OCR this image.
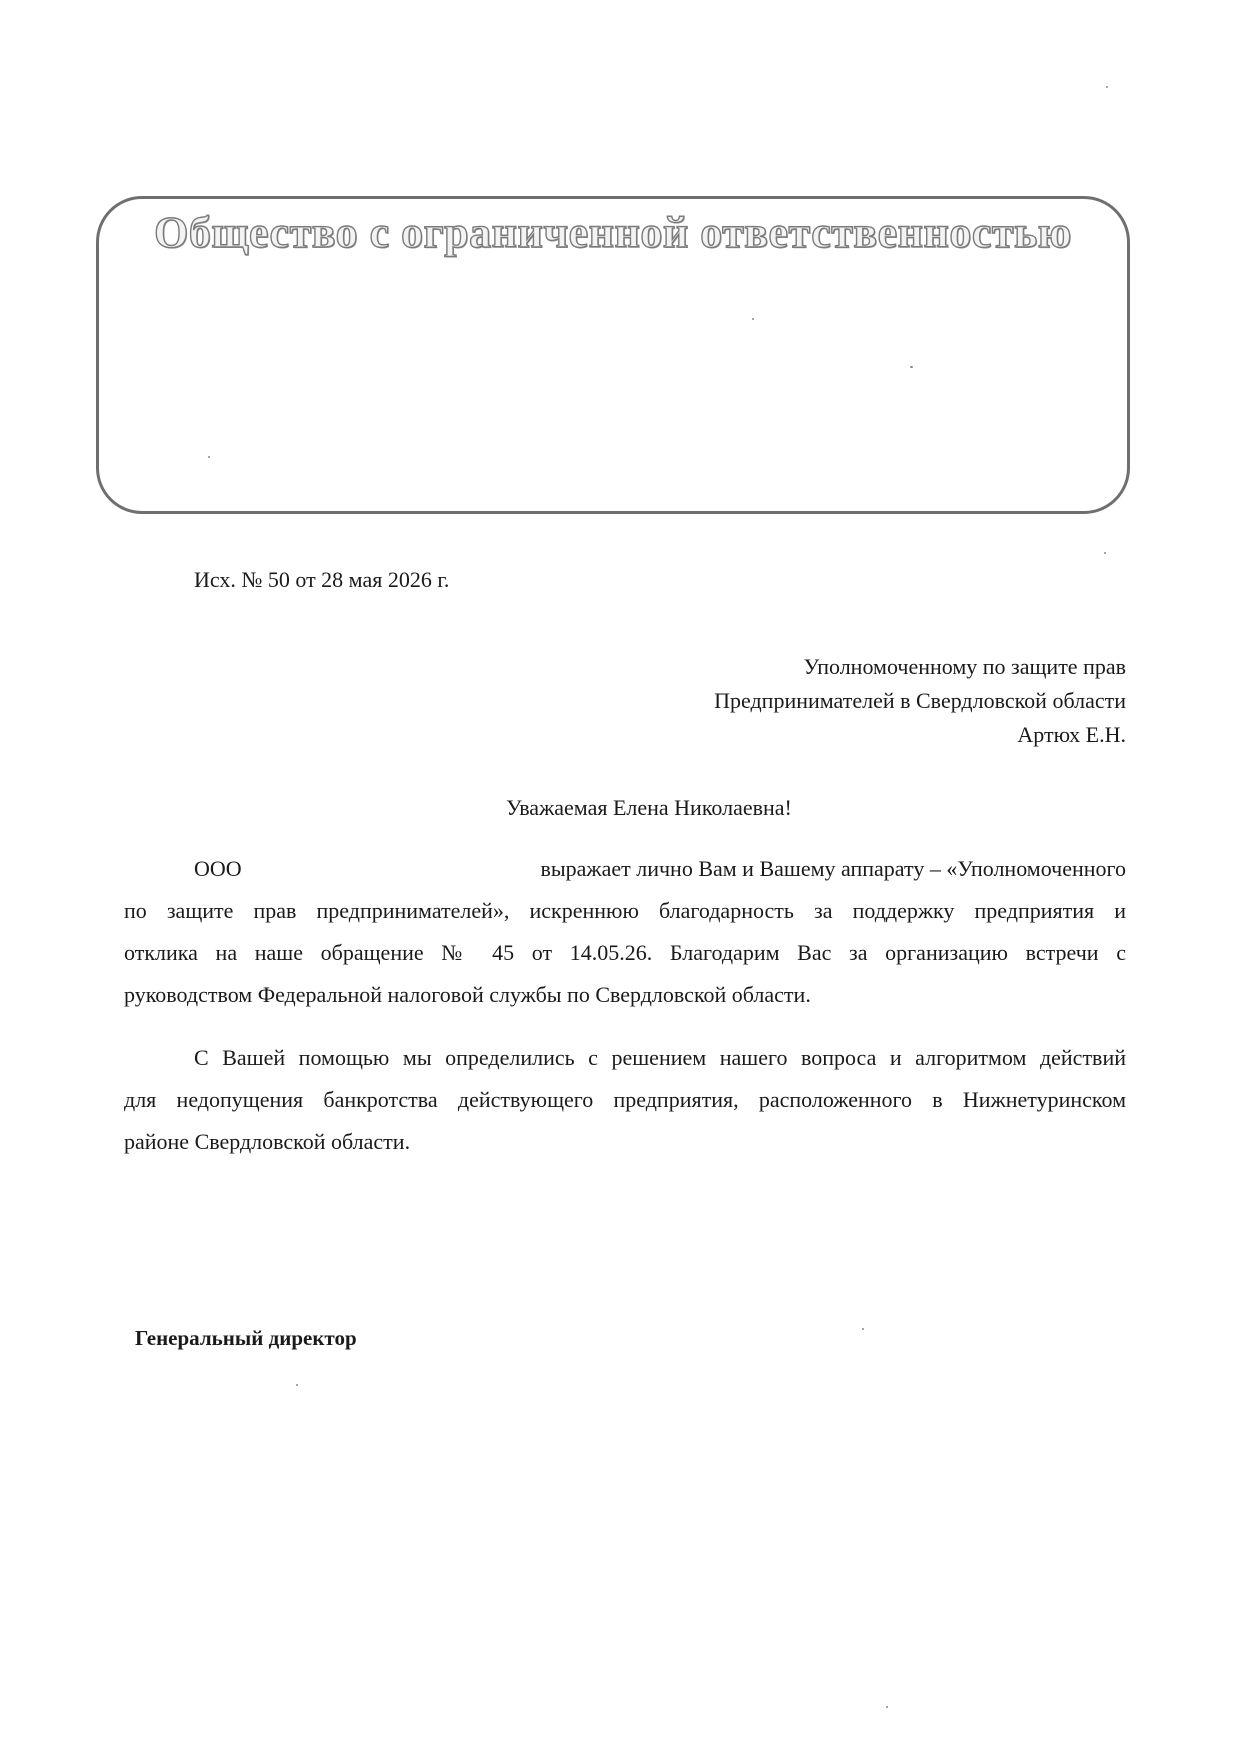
Общество с ограниченной ответственностью
Исх. № 50 от 28 мая 2026 г.
Уполномоченному по защите прав
Предпринимателей в Свердловской области
Артюх Е.Н.
Уважаемая Елена Николаевна!
ООО	выражает лично Вам и Вашему аппарату – «Уполномоченного
по защите прав предпринимателей», искреннюю благодарность за поддержку предприятия и
отклика на наше обращение № 45 от 14.05.26. Благодарим Вас за организацию встречи с
руководством Федеральной налоговой службы по Свердловской области.
С Вашей помощью мы определились с решением нашего вопроса и алгоритмом действий
для недопущения банкротства действующего предприятия, расположенного в Нижнетуринском
районе Свердловской области.
Генеральный директор
